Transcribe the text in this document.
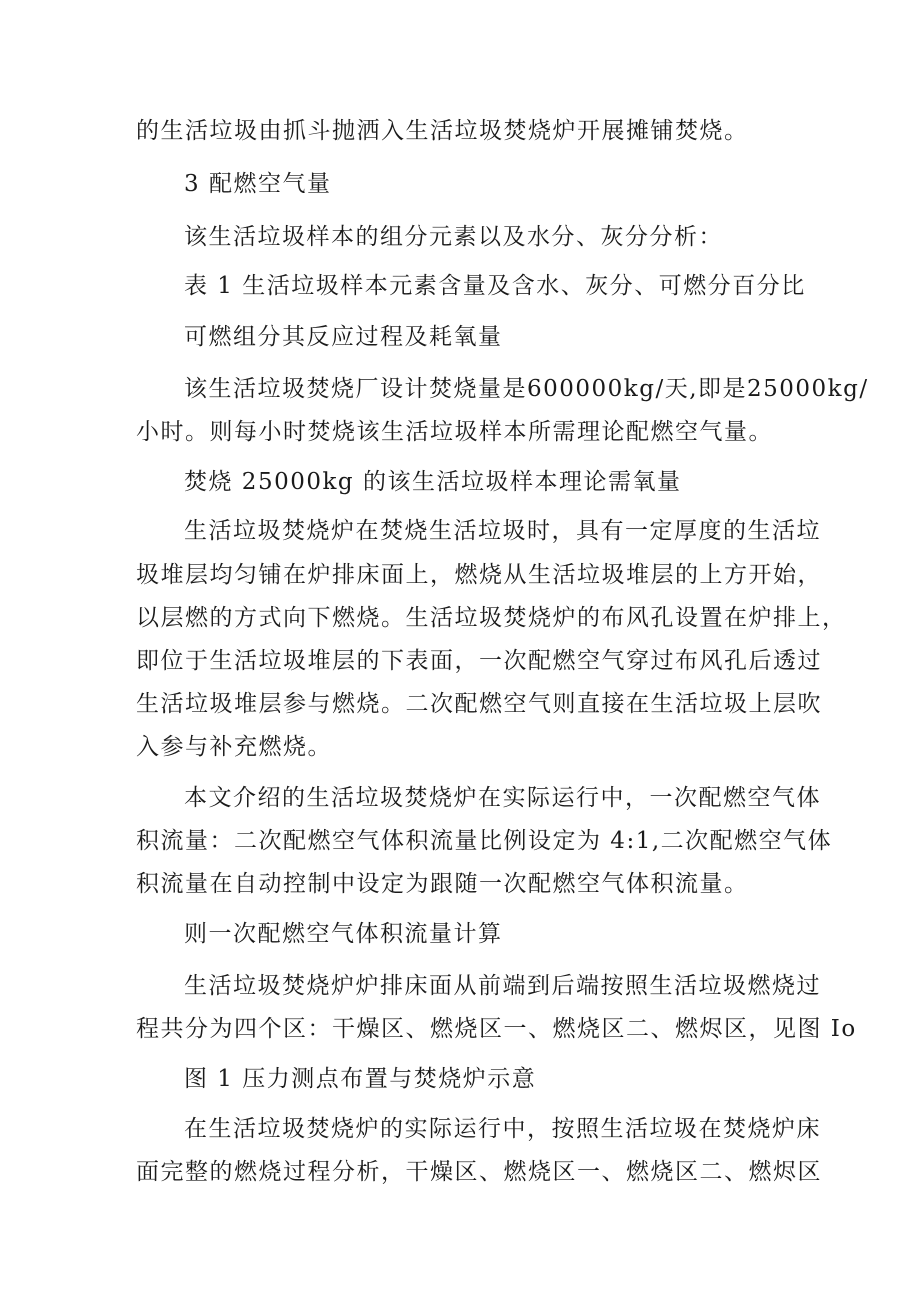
的生活垃圾由抓斗抛洒入生活垃圾焚烧炉开展摊铺焚烧。
3 配燃空气量
该生活垃圾样本的组分元素以及水分、灰分分析：
表 1 生活垃圾样本元素含量及含水、灰分、可燃分百分比
可燃组分其反应过程及耗氧量
该生活垃圾焚烧厂设计焚烧量是600000kg/天,即是25000kg/
小时。则每小时焚烧该生活垃圾样本所需理论配燃空气量。
焚烧 25000kg 的该生活垃圾样本理论需氧量
生活垃圾焚烧炉在焚烧生活垃圾时，具有一定厚度的生活垃
圾堆层均匀铺在炉排床面上，燃烧从生活垃圾堆层的上方开始，
以层燃的方式向下燃烧。生活垃圾焚烧炉的布风孔设置在炉排上，
即位于生活垃圾堆层的下表面，一次配燃空气穿过布风孔后透过
生活垃圾堆层参与燃烧。二次配燃空气则直接在生活垃圾上层吹
入参与补充燃烧。
本文介绍的生活垃圾焚烧炉在实际运行中，一次配燃空气体
积流量：二次配燃空气体积流量比例设定为 4:1,二次配燃空气体
积流量在自动控制中设定为跟随一次配燃空气体积流量。
则一次配燃空气体积流量计算
生活垃圾焚烧炉炉排床面从前端到后端按照生活垃圾燃烧过
程共分为四个区：干燥区、燃烧区一、燃烧区二、燃烬区，见图 Io
图 1 压力测点布置与焚烧炉示意
在生活垃圾焚烧炉的实际运行中，按照生活垃圾在焚烧炉床
面完整的燃烧过程分析，干燥区、燃烧区一、燃烧区二、燃烬区
